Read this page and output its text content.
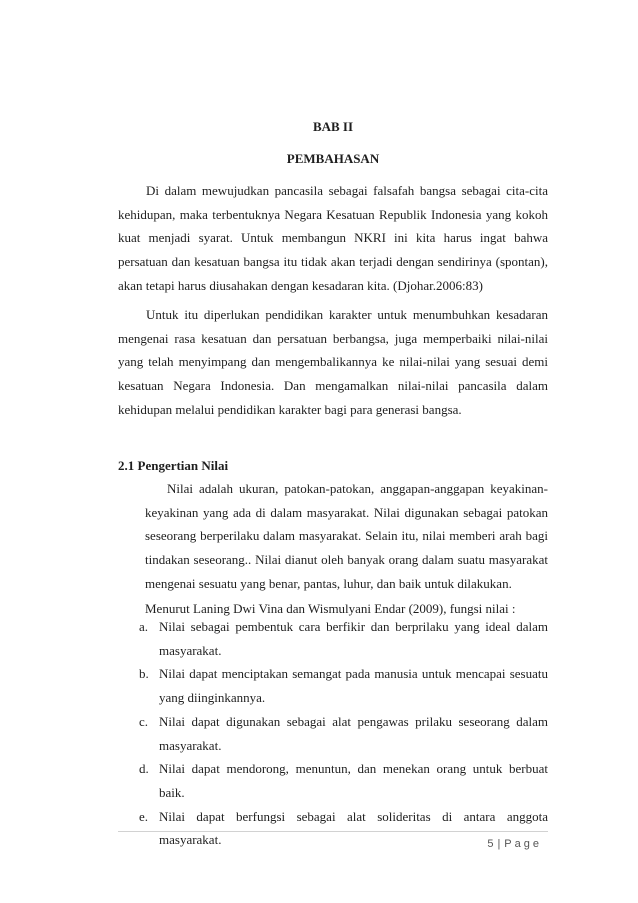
BAB II
PEMBAHASAN

Di dalam mewujudkan pancasila sebagai falsafah bangsa sebagai cita-cita kehidupan, maka terbentuknya Negara Kesatuan Republik Indonesia yang kokoh kuat menjadi syarat. Untuk membangun NKRI ini kita harus ingat bahwa persatuan dan kesatuan bangsa itu tidak akan terjadi dengan sendirinya (spontan), akan tetapi harus diusahakan dengan kesadaran kita. (Djohar.2006:83)

Untuk itu diperlukan pendidikan karakter untuk menumbuhkan kesadaran mengenai rasa kesatuan dan persatuan berbangsa, juga memperbaiki nilai-nilai yang telah menyimpang dan mengembalikannya ke nilai-nilai yang sesuai demi kesatuan Negara Indonesia. Dan mengamalkan nilai-nilai pancasila dalam kehidupan melalui pendidikan karakter bagi para generasi bangsa.

2.1 Pengertian Nilai

Nilai adalah ukuran, patokan-patokan, anggapan-anggapan keyakinan-keyakinan yang ada di dalam masyarakat. Nilai digunakan sebagai patokan seseorang berperilaku dalam masyarakat. Selain itu, nilai memberi arah bagi tindakan seseorang.. Nilai dianut oleh banyak orang dalam suatu masyarakat mengenai sesuatu yang benar, pantas, luhur, dan baik untuk dilakukan.

Menurut Laning Dwi Vina dan Wismulyani Endar (2009), fungsi nilai :

a. Nilai sebagai pembentuk cara berfikir dan berprilaku yang ideal dalam masyarakat.
b. Nilai dapat menciptakan semangat pada manusia untuk mencapai sesuatu yang diinginkannya.
c. Nilai dapat digunakan sebagai alat pengawas prilaku seseorang dalam masyarakat.
d. Nilai dapat mendorong, menuntun, dan menekan orang untuk berbuat baik.
e. Nilai dapat berfungsi sebagai alat solideritas di antara anggota masyarakat.	5 | Page
